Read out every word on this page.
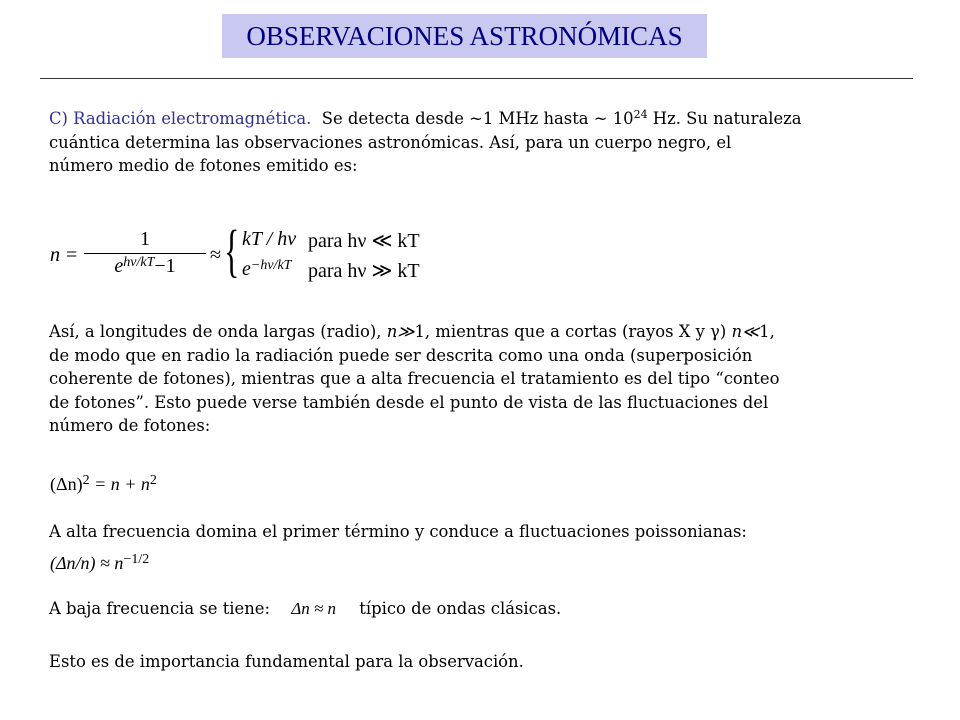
OBSERVACIONES ASTRONÓMICAS
C) Radiación electromagnética. Se detecta desde ~1 MHz hasta ~ $10^{24}$ Hz. Su naturaleza
cuántica determina las observaciones astronómicas. Así, para un cuerpo negro, el
número medio de fotones emitido es:
n =
1
$e^{h\nu/kT}-1$	≈ { kT / hν para hν ≪ kT
$e^{-h\nu/kT}$ para hν ≫ kT
Así, a longitudes de onda largas (radio), n≫1, mientras que a cortas (rayos X y γ) n≪1,
de modo que en radio la radiación puede ser descrita como una onda (superposición
coherente de fotones), mientras que a alta frecuencia el tratamiento es del tipo “conteo
de fotones”. Esto puede verse también desde el punto de vista de las fluctuaciones del
número de fotones:
$(\Delta n)^2 = n + n^2$
A alta frecuencia domina el primer término y conduce a fluctuaciones poissonianas:
$(\Delta n/n) \approx n^{-1/2}$
A baja frecuencia se tiene: Δn ≈ n típico de ondas clásicas.
Esto es de importancia fundamental para la observación.
